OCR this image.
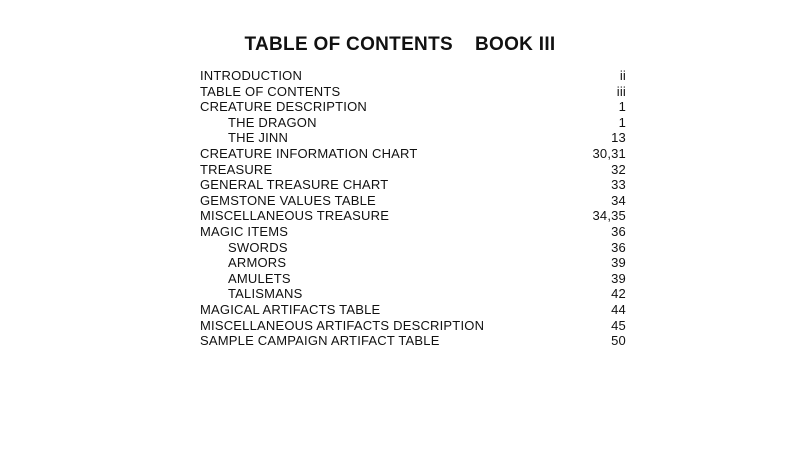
TABLE OF CONTENTS BOOK III
INTRODUCTION	ii
TABLE OF CONTENTS	iii
CREATURE DESCRIPTION	1
THE DRAGON	1
THE JINN	13
CREATURE INFORMATION CHART	30,31
TREASURE	32
GENERAL TREASURE CHART	33
GEMSTONE VALUES TABLE	34
MISCELLANEOUS TREASURE	34,35
MAGIC ITEMS	36
SWORDS	36
ARMORS	39
AMULETS	39
TALISMANS	42
MAGICAL ARTIFACTS TABLE	44
MISCELLANEOUS ARTIFACTS DESCRIPTION	45
SAMPLE CAMPAIGN ARTIFACT TABLE	50
